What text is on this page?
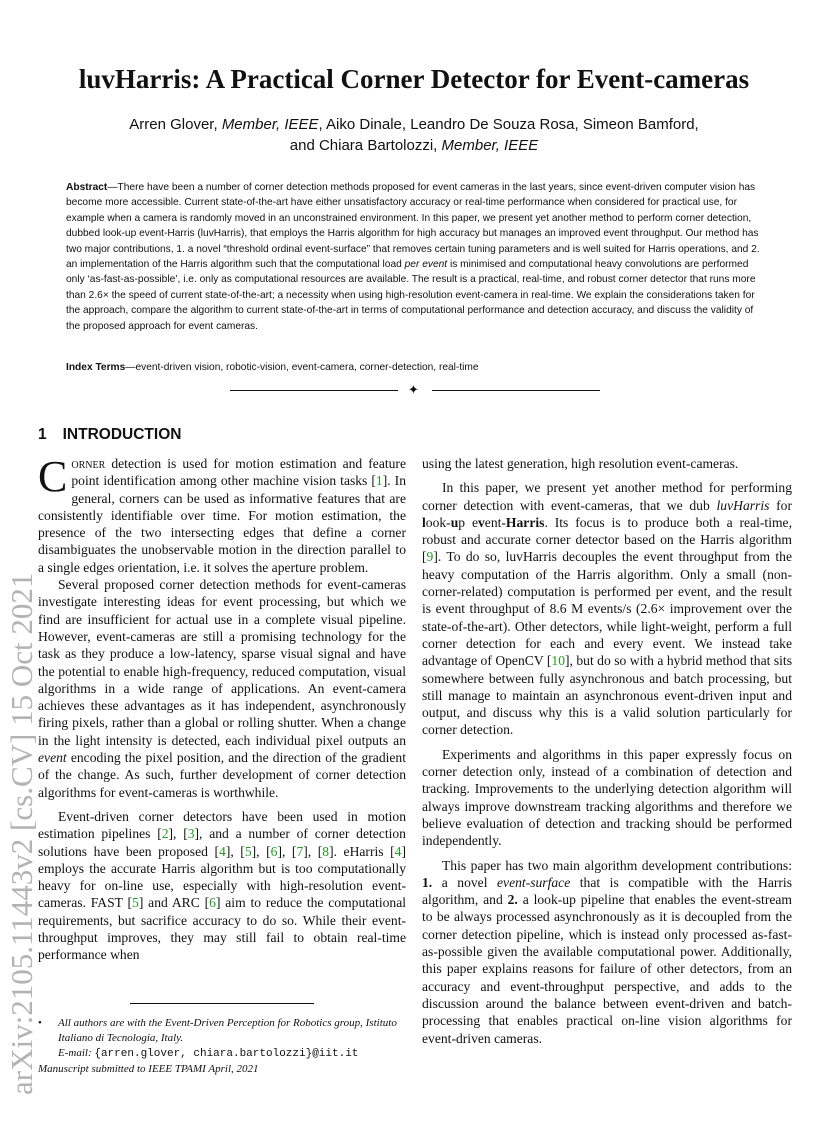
arXiv:2105.11443v2 [cs.CV] 15 Oct 2021
luvHarris: A Practical Corner Detector for Event-cameras
Arren Glover, Member, IEEE, Aiko Dinale, Leandro De Souza Rosa, Simeon Bamford,
and Chiara Bartolozzi, Member, IEEE
Abstract—There have been a number of corner detection methods proposed for event cameras in the last years, since event-driven computer vision has become more accessible. Current state-of-the-art have either unsatisfactory accuracy or real-time performance when considered for practical use, for example when a camera is randomly moved in an unconstrained environment. In this paper, we present yet another method to perform corner detection, dubbed look-up event-Harris (luvHarris), that employs the Harris algorithm for high accuracy but manages an improved event throughput. Our method has two major contributions, 1. a novel “threshold ordinal event-surface” that removes certain tuning parameters and is well suited for Harris operations, and 2. an implementation of the Harris algorithm such that the computational load per event is minimised and computational heavy convolutions are performed only ‘as-fast-as-possible’, i.e. only as computational resources are available. The result is a practical, real-time, and robust corner detector that runs more than 2.6× the speed of current state-of-the-art; a necessity when using high-resolution event-camera in real-time. We explain the considerations taken for the approach, compare the algorithm to current state-of-the-art in terms of computational performance and detection accuracy, and discuss the validity of the proposed approach for event cameras.
Index Terms—event-driven vision, robotic-vision, event-camera, corner-detection, real-time
✦
1 INTRODUCTION

Corner detection is used for motion estimation and feature point identification among other machine vision tasks [1]. In general, corners can be used as informative features that are consistently identifiable over time. For motion estimation, the presence of the two intersecting edges that define a corner disambiguates the unobservable motion in the direction parallel to a single edges orientation, i.e. it solves the aperture problem.

Several proposed corner detection methods for event-cameras investigate interesting ideas for event processing, but which we find are insufficient for actual use in a complete visual pipeline. However, event-cameras are still a promising technology for the task as they produce a low-latency, sparse visual signal and have the potential to enable high-frequency, reduced computation, visual algorithms in a wide range of applications. An event-camera achieves these advantages as it has independent, asynchronously firing pixels, rather than a global or rolling shutter. When a change in the light intensity is detected, each individual pixel outputs an event encoding the pixel position, and the direction of the gradient of the change. As such, further development of corner detection algorithms for event-cameras is worthwhile.

Event-driven corner detectors have been used in motion estimation pipelines [2], [3], and a number of corner detection solutions have been proposed [4], [5], [6], [7], [8]. eHarris [4] employs the accurate Harris algorithm but is too computationally heavy for on-line use, especially with high-resolution event-cameras. FAST [5] and ARC [6] aim to reduce the computational requirements, but sacrifice accuracy to do so. While their event-throughput improves, they may still fail to obtain real-time performance when

• All authors are with the Event-Driven Perception for Robotics group, Istituto Italiano di Tecnologia, Italy.
E-mail: {arren.glover, chiara.bartolozzi}@iit.it
Manuscript submitted to IEEE TPAMI April, 2021

using the latest generation, high resolution event-cameras.

In this paper, we present yet another method for performing corner detection with event-cameras, that we dub luvHarris for look-up event-Harris. Its focus is to produce both a real-time, robust and accurate corner detector based on the Harris algorithm [9]. To do so, luvHarris decouples the event throughput from the heavy computation of the Harris algorithm. Only a small (non-corner-related) computation is performed per event, and the result is event throughput of 8.6 M events/s (2.6× improvement over the state-of-the-art). Other detectors, while light-weight, perform a full corner detection for each and every event. We instead take advantage of OpenCV [10], but do so with a hybrid method that sits somewhere between fully asynchronous and batch processing, but still manage to maintain an asynchronous event-driven input and output, and discuss why this is a valid solution particularly for corner detection.

Experiments and algorithms in this paper expressly focus on corner detection only, instead of a combination of detection and tracking. Improvements to the underlying detection algorithm will always improve downstream tracking algorithms and therefore we believe evaluation of detection and tracking should be performed independently.

This paper has two main algorithm development contributions: 1. a novel event-surface that is compatible with the Harris algorithm, and 2. a look-up pipeline that enables the event-stream to be always processed asynchronously as it is decoupled from the corner detection pipeline, which is instead only processed as-fast-as-possible given the available computational power. Additionally, this paper explains reasons for failure of other detectors, from an accuracy and event-throughput perspective, and adds to the discussion around the balance between event-driven and batch-processing that enables practical on-line vision algorithms for event-driven cameras.
